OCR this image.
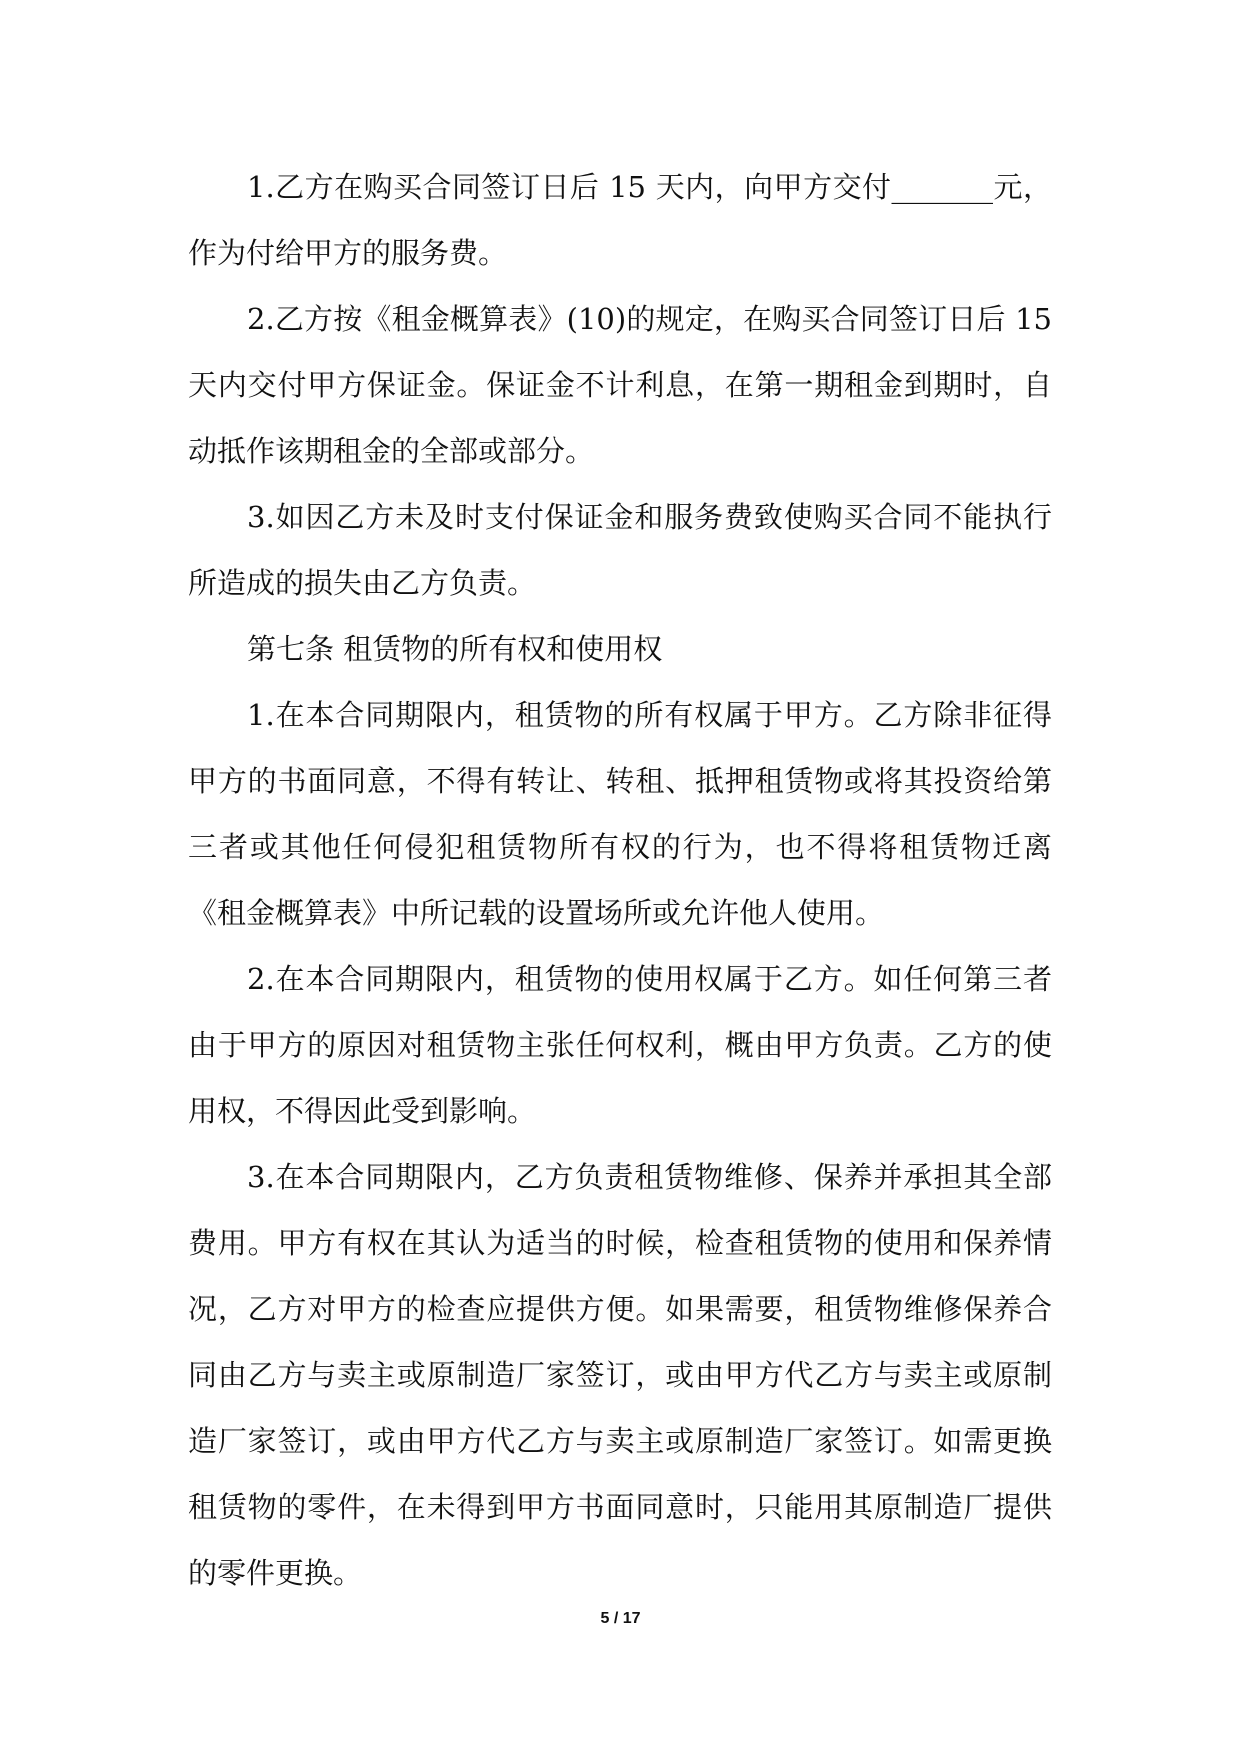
1.乙方在购买合同签订日后 15 天内，向甲方交付_______元，作为付给甲方的服务费。

2.乙方按《租金概算表》(10)的规定，在购买合同签订日后 15 天内交付甲方保证金。保证金不计利息，在第一期租金到期时，自动抵作该期租金的全部或部分。

3.如因乙方未及时支付保证金和服务费致使购买合同不能执行所造成的损失由乙方负责。

第七条 租赁物的所有权和使用权

1.在本合同期限内，租赁物的所有权属于甲方。乙方除非征得甲方的书面同意，不得有转让、转租、抵押租赁物或将其投资给第三者或其他任何侵犯租赁物所有权的行为，也不得将租赁物迁离《租金概算表》中所记载的设置场所或允许他人使用。

2.在本合同期限内，租赁物的使用权属于乙方。如任何第三者由于甲方的原因对租赁物主张任何权利，概由甲方负责。乙方的使用权，不得因此受到影响。

3.在本合同期限内，乙方负责租赁物维修、保养并承担其全部费用。甲方有权在其认为适当的时候，检查租赁物的使用和保养情况，乙方对甲方的检查应提供方便。如果需要，租赁物维修保养合同由乙方与卖主或原制造厂家签订，或由甲方代乙方与卖主或原制造厂家签订，或由甲方代乙方与卖主或原制造厂家签订。如需更换租赁物的零件，在未得到甲方书面同意时，只能用其原制造厂提供的零件更换。

5 / 17
